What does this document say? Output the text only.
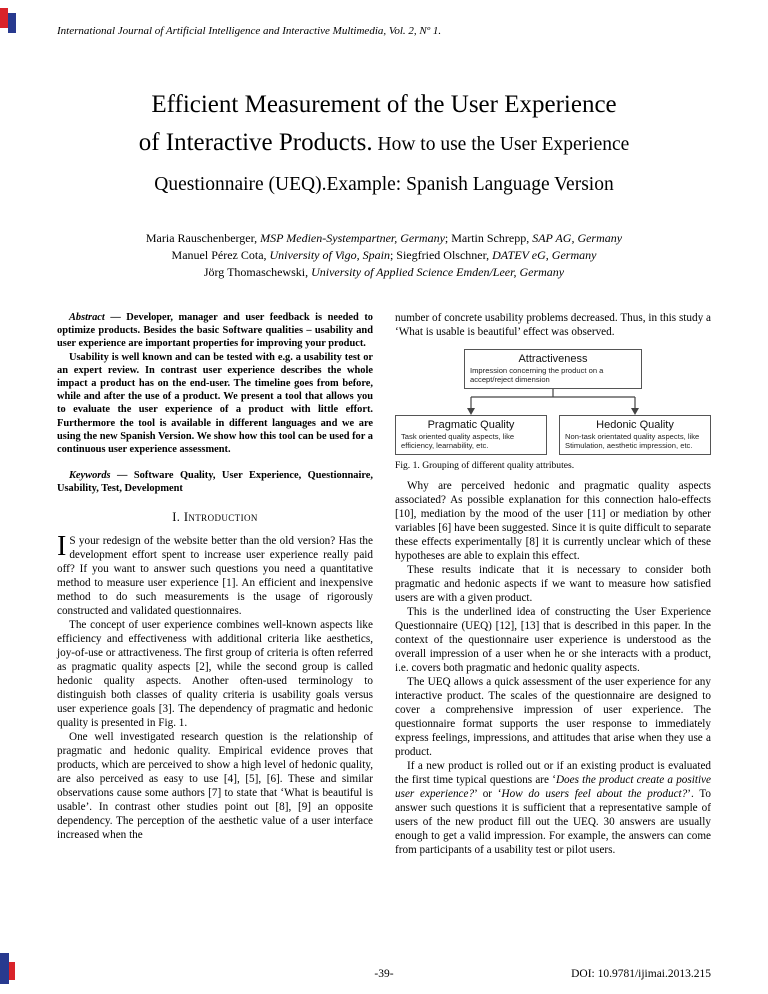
International Journal of Artificial Intelligence and Interactive Multimedia, Vol. 2, Nº 1.

Efficient Measurement of the User Experience
of Interactive Products. How to use the User Experience
Questionnaire (UEQ).Example: Spanish Language Version

Maria Rauschenberger, MSP Medien-Systempartner, Germany; Martin Schrepp, SAP AG, Germany

Manuel Pérez Cota, University of Vigo, Spain; Siegfried Olschner, DATEV eG, Germany

Jörg Thomaschewski, University of Applied Science Emden/Leer, Germany

Abstract — Developer, manager and user feedback is needed to optimize products. Besides the basic Software qualities – usability and user experience are important properties for improving your product.

Usability is well known and can be tested with e.g. a usability test or an expert review. In contrast user experience describes the whole impact a product has on the end-user. The timeline goes from before, while and after the use of a product. We present a tool that allows you to evaluate the user experience of a product with little effort. Furthermore the tool is available in different languages and we are using the new Spanish Version. We show how this tool can be used for a continuous user experience assessment.

Keywords — Software Quality, User Experience, Questionnaire, Usability, Test, Development

I. Introduction

I S your redesign of the website better than the old version? Has the development effort spent to increase user experience really paid off? If you want to answer such questions you need a quantitative method to measure user experience [1]. An efficient and inexpensive method to do such measurements is the usage of rigorously constructed and validated questionnaires.

The concept of user experience combines well-known aspects like efficiency and effectiveness with additional criteria like aesthetics, joy-of-use or attractiveness. The first group of criteria is often referred as pragmatic quality aspects [2], while the second group is called hedonic quality aspects. Another often-used terminology to distinguish both classes of quality criteria is usability goals versus user experience goals [3]. The dependency of pragmatic and hedonic quality is presented in Fig. 1.

One well investigated research question is the relationship of pragmatic and hedonic quality. Empirical evidence proves that products, which are perceived to show a high level of hedonic quality, are also perceived as easy to use [4], [5], [6]. These and similar observations cause some authors [7] to state that ‘What is beautiful is usable’. In contrast other studies point out [8], [9] an opposite dependency. The perception of the aesthetic value of a user interface increased when the

number of concrete usability problems decreased. Thus, in this study a ‘What is usable is beautiful’ effect was observed.

Attractiveness
Impression concerning the product on a accept/reject dimension
Pragmatic Quality
Task oriented quality aspects, like efficiency, learnability, etc.
Hedonic Quality
Non-task orientated quality aspects, like Stimulation, aesthetic impression, etc.
Fig. 1. Grouping of different quality attributes.

Why are perceived hedonic and pragmatic quality aspects associated? As possible explanation for this connection halo-effects [10], mediation by the mood of the user [11] or mediation by other variables [6] have been suggested. Since it is quite difficult to separate these effects experimentally [8] it is currently unclear which of these hypotheses are able to explain this effect.

These results indicate that it is necessary to consider both pragmatic and hedonic aspects if we want to measure how satisfied users are with a given product.

This is the underlined idea of constructing the User Experience Questionnaire (UEQ) [12], [13] that is described in this paper. In the context of the questionnaire user experience is understood as the overall impression of a user when he or she interacts with a product, i.e. covers both pragmatic and hedonic quality aspects.

The UEQ allows a quick assessment of the user experience for any interactive product. The scales of the questionnaire are designed to cover a comprehensive impression of user experience. The questionnaire format supports the user response to immediately express feelings, impressions, and attitudes that arise when they use a product.

If a new product is rolled out or if an existing product is evaluated the first time typical questions are ‘Does the product create a positive user experience?’ or ‘How do users feel about the product?’. To answer such questions it is sufficient that a representative sample of users of the new product fill out the UEQ. 30 answers are usually enough to get a valid impression. For example, the answers can come from participants of a usability test or pilot users.

-39-	DOI: 10.9781/ijimai.2013.215
